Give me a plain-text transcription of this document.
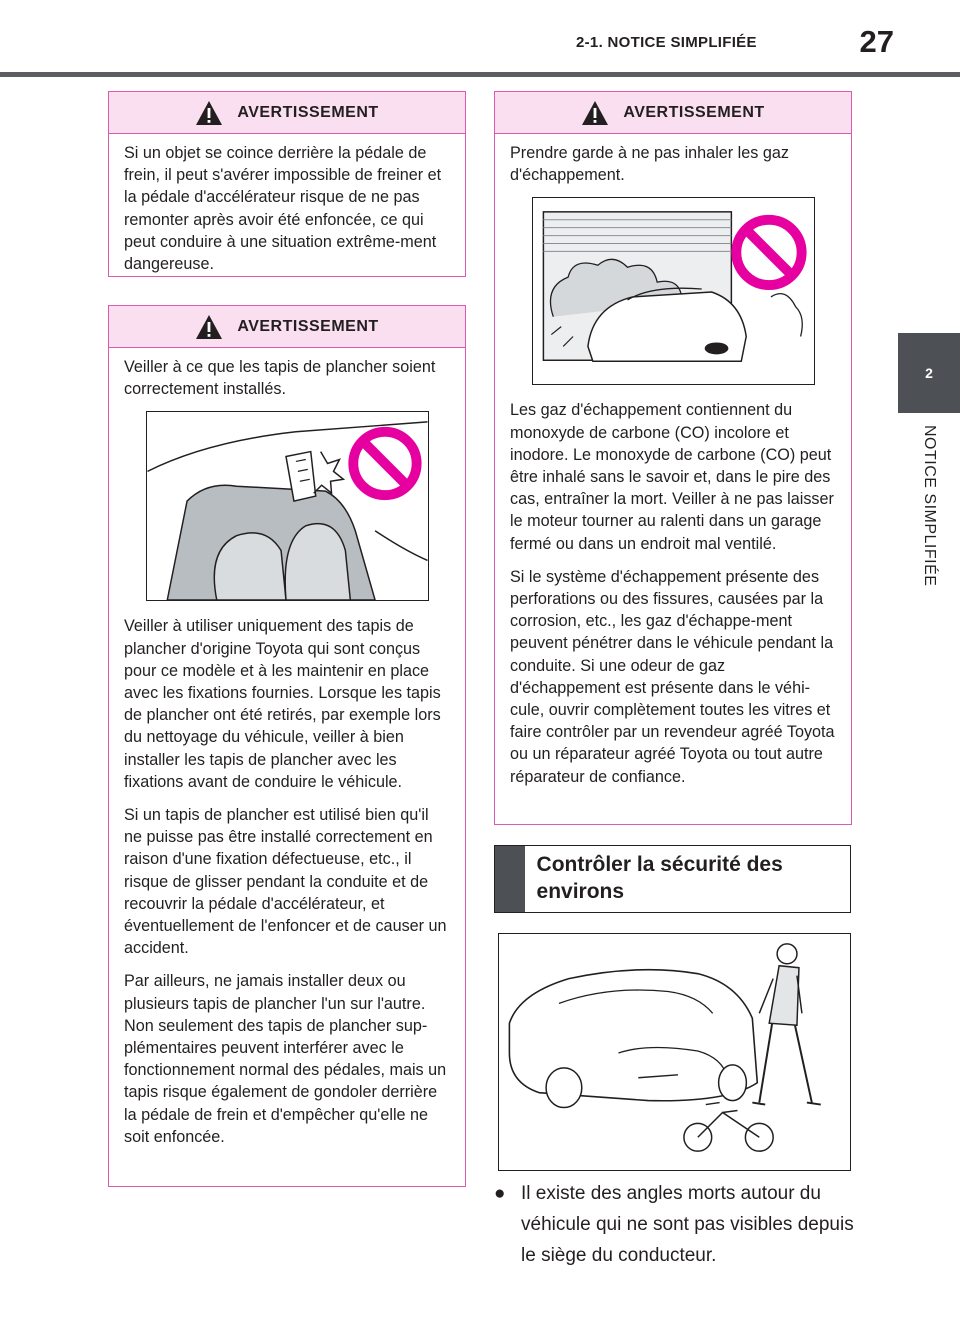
2-1. NOTICE SIMPLIFIÉE	27
2
NOTICE SIMPLIFIÉE
AVERTISSEMENT

Si un objet se coince derrière la pédale de frein, il peut s'avérer impossible de freiner et la pédale d'accélérateur risque de ne pas remonter après avoir été enfoncée, ce qui peut conduire à une situation extrême-ment dangereuse.

AVERTISSEMENT

Veiller à ce que les tapis de plancher soient correctement installés.

Veiller à utiliser uniquement des tapis de plancher d'origine Toyota qui sont conçus pour ce modèle et à les maintenir en place avec les fixations fournies. Lorsque les tapis de plancher ont été retirés, par exemple lors du nettoyage du véhicule, veiller à bien installer les tapis de plancher avec les fixations avant de conduire le véhicule.

Si un tapis de plancher est utilisé bien qu'il ne puisse pas être installé correctement en raison d'une fixation défectueuse, etc., il risque de glisser pendant la conduite et de recouvrir la pédale d'accélérateur, et éventuellement de l'enfoncer et de causer un accident.

Par ailleurs, ne jamais installer deux ou plusieurs tapis de plancher l'un sur l'autre. Non seulement des tapis de plancher sup-plémentaires peuvent interférer avec le fonctionnement normal des pédales, mais un tapis risque également de gondoler derrière la pédale de frein et d'empêcher qu'elle ne soit enfoncée.

AVERTISSEMENT

Prendre garde à ne pas inhaler les gaz d'échappement.

Les gaz d'échappement contiennent du monoxyde de carbone (CO) incolore et inodore. Le monoxyde de carbone (CO) peut être inhalé sans le savoir et, dans le pire des cas, entraîner la mort. Veiller à ne pas laisser le moteur tourner au ralenti dans un garage fermé ou dans un endroit mal ventilé.

Si le système d'échappement présente des perforations ou des fissures, causées par la corrosion, etc., les gaz d'échappe-ment peuvent pénétrer dans le véhicule pendant la conduite. Si une odeur de gaz d'échappement est présente dans le véhi-cule, ouvrir complètement toutes les vitres et faire contrôler par un revendeur agréé Toyota ou un réparateur agréé Toyota ou tout autre réparateur de confiance.

Contrôler la sécurité des environs
● Il existe des angles morts autour du véhicule qui ne sont pas visibles depuis le siège du conducteur.
